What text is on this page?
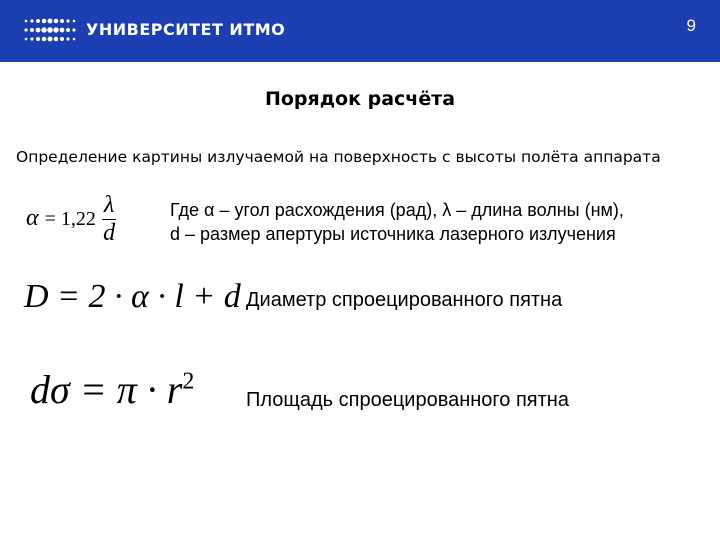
УНИВЕРСИТЕТ ИТМО	9
Порядок расчёта
Определение картины излучаемой на поверхность с высоты полёта аппарата
$\alpha = 1,22 \frac{\lambda}{d}$	Где α – угол расхождения (рад), λ – длина волны (нм),
d – размер апертуры источника лазерного излучения
D = 2 · α · l + d Диаметр спроецированного пятна
$d\sigma = \pi \cdot r^2$
Площадь спроецированного пятна
